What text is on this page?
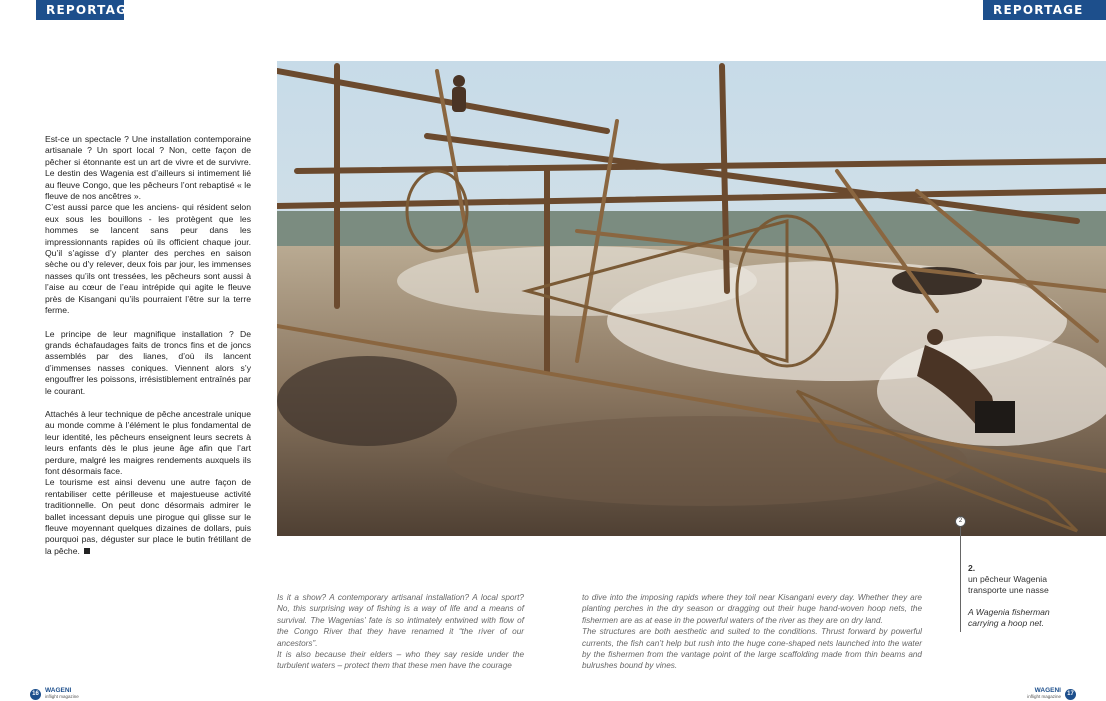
REPORTAGE	REPORTAGE

Est-ce un spectacle ? Une installation contemporaine artisanale ? Un sport local ? Non, cette façon de pêcher si étonnante est un art de vivre et de survivre. Le destin des Wagenia est d’ailleurs si intimement lié au fleuve Congo, que les pêcheurs l’ont rebaptisé « le fleuve de nos ancêtres ».

C’est aussi parce que les anciens- qui résident selon eux sous les bouillons - les protègent que les hommes se lancent sans peur dans les impressionnants rapides où ils officient chaque jour. Qu’il s’agisse d’y planter des perches en saison sèche ou d’y relever, deux fois par jour, les immenses nasses qu’ils ont tressées, les pêcheurs sont aussi à l’aise au cœur de l’eau intrépide qui agite le fleuve près de Kisangani qu’ils pourraient l’être sur la terre ferme.

Le principe de leur magnifique installation ? De grands échafaudages faits de troncs fins et de joncs assemblés par des lianes, d’où ils lancent d’immenses nasses coniques. Viennent alors s’y engouffrer les poissons, irrésistiblement entraînés par le courant.

Attachés à leur technique de pêche ancestrale unique au monde comme à l’élément le plus fondamental de leur identité, les pêcheurs enseignent leurs secrets à leurs enfants dès le plus jeune âge afin que l’art perdure, malgré les maigres rendements auxquels ils font désormais face.

Le tourisme est ainsi devenu une autre façon de rentabiliser cette périlleuse et majestueuse activité traditionnelle. On peut donc désormais admirer le ballet incessant depuis une pirogue qui glisse sur le fleuve moyennant quelques dizaines de dollars, puis pourquoi pas, déguster sur place le butin frétillant de la pêche.

2
2.
un pêcheur Wagenia transporte une nasse
A Wagenia fisherman carrying a hoop net.

Is it a show? A contemporary artisanal installation? A local sport? No, this surprising way of fishing is a way of life and a means of survival. The Wagenias’ fate is so intimately entwined with flow of the Congo River that they have renamed it “the river of our ancestors”.

It is also because their elders – who they say reside under the turbulent waters – protect them that these men have the courage

to dive into the imposing rapids where they toil near Kisangani every day. Whether they are planting perches in the dry season or dragging out their huge hand-woven hoop nets, the fishermen are as at ease in the powerful waters of the river as they are on dry land.

The structures are both aesthetic and suited to the conditions. Thrust forward by powerful currents, the fish can’t help but rush into the huge cone-shaped nets launched into the water by the fishermen from the vantage point of the large scaffolding made from thin beams and bulrushes bound by vines.

16 WAGENI
inflight magazine
WAGENI
inflight magazine	17
